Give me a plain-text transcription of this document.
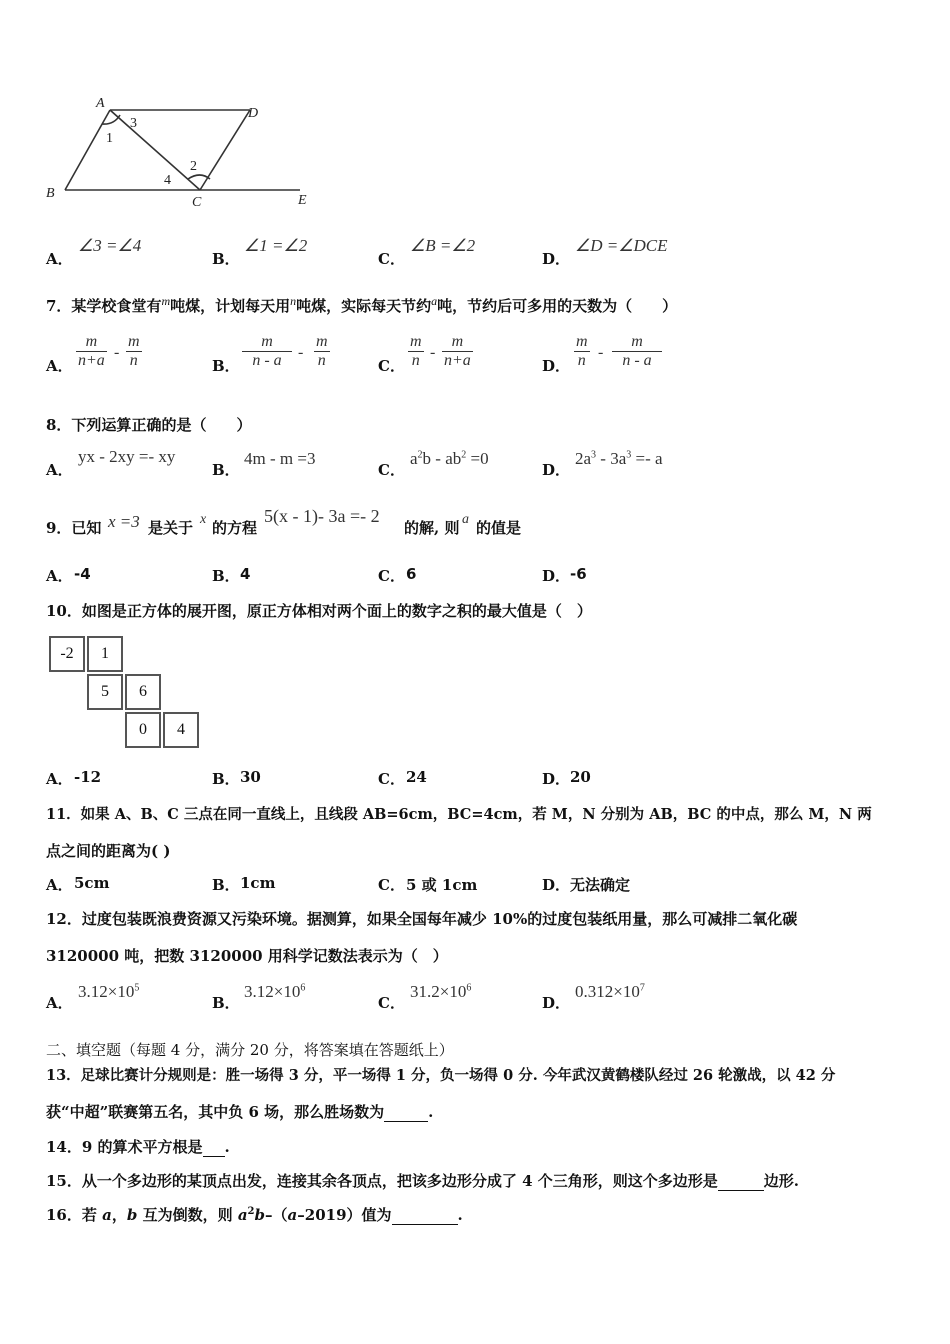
A
D
B
C	E
1
3
2
4
A．
∠3 =∠4
B．
∠1 =∠2
C．
∠B =∠2
D．
∠D =∠DCE
7．某学校食堂有$^m$吨煤，计划每天用$^n$吨煤，实际每天节约$^a$吨，节约后可多用的天数为（　　）
A． $\frac{m}{n+a} - \frac{m}{n}$	B． $\frac{m}{n - a} - \frac{m}{n}$	C． $\frac{m}{n} - \frac{m}{n+a}$	D． $\frac{m}{n} - \frac{m}{n - a}$
8．下列运算正确的是（　　）
A．
yx - 2xy =- xy
B．
4m - m =3
C．
$a^2b - ab^2 =0$
D．
$2a^3 - 3a^3 =- a$
9．已知 x =3 是关于 x 的方程
5(x - 1)- 3a =- 2
的解, 则 a 的值是
A． -4	B． 4	C． 6	D． -6
10．如图是正方体的展开图，原正方体相对两个面上的数字之积的最大值是（　）
-2	1
5	6
0	4
A． -12	B． 30	C． 24	D． 20
11．如果 A、B、C 三点在同一直线上，且线段 AB=6cm，BC=4cm，若 M，N 分别为 AB，BC 的中点，那么 M，N 两
点之间的距离为( )
A． 5cm	B． 1cm	C． 5 或 1cm	D． 无法确定
12．过度包装既浪费资源又污染环境。据测算，如果全国每年减少 10%的过度包装纸用量，那么可减排二氧化碳
3120000 吨，把数 3120000 用科学记数法表示为（　）
A．
$3.12\times 10^5$
B．
$3.12\times 10^6$
C．
$31.2\times 10^6$
D．
$0.312\times 10^7$
二、填空题（每题 4 分，满分 20 分，将答案填在答题纸上）
13．足球比赛计分规则是：胜一场得 3 分，平一场得 1 分，负一场得 0 分. 今年武汉黄鹤楼队经过 26 轮激战，以 42 分
获“中超”联赛第五名，其中负 6 场，那么胜场数为	.
14．9 的算术平方根是 .
15．从一个多边形的某顶点出发，连接其余各顶点，把该多边形分成了 4 个三角形，则这个多边形是	边形.
16．若 a，b 互为倒数，则 $a^2b-(a-2019)$值为	.
